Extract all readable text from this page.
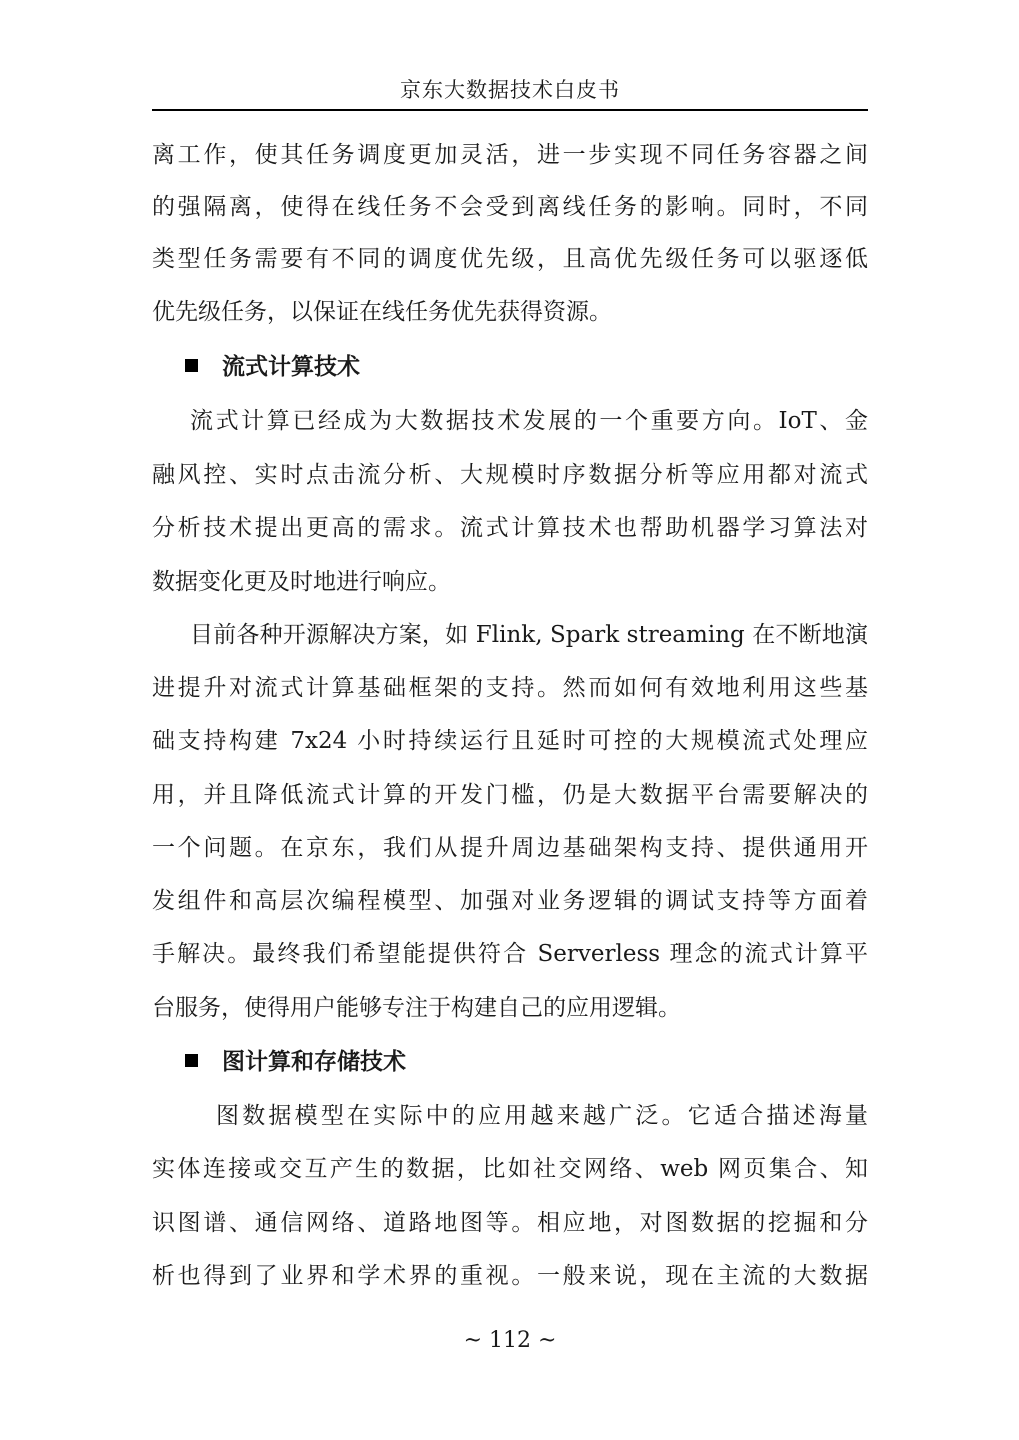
京东大数据技术白皮书
离工作，使其任务调度更加灵活，进一步实现不同任务容器之间
的强隔离，使得在线任务不会受到离线任务的影响。同时，不同
类型任务需要有不同的调度优先级，且高优先级任务可以驱逐低
优先级任务，以保证在线任务优先获得资源。
流式计算技术
流式计算已经成为大数据技术发展的一个重要方向。IoT、金
融风控、实时点击流分析、大规模时序数据分析等应用都对流式
分析技术提出更高的需求。流式计算技术也帮助机器学习算法对
数据变化更及时地进行响应。
目前各种开源解决方案，如 Flink, Spark streaming 在不断地演
进提升对流式计算基础框架的支持。然而如何有效地利用这些基
础支持构建 7x24 小时持续运行且延时可控的大规模流式处理应
用，并且降低流式计算的开发门槛，仍是大数据平台需要解决的
一个问题。在京东，我们从提升周边基础架构支持、提供通用开
发组件和高层次编程模型、加强对业务逻辑的调试支持等方面着
手解决。最终我们希望能提供符合 Serverless 理念的流式计算平
台服务，使得用户能够专注于构建自己的应用逻辑。
图计算和存储技术
图数据模型在实际中的应用越来越广泛。它适合描述海量
实体连接或交互产生的数据，比如社交网络、web 网页集合、知
识图谱、通信网络、道路地图等。相应地，对图数据的挖掘和分
析也得到了业界和学术界的重视。一般来说，现在主流的大数据
~ 112 ~
